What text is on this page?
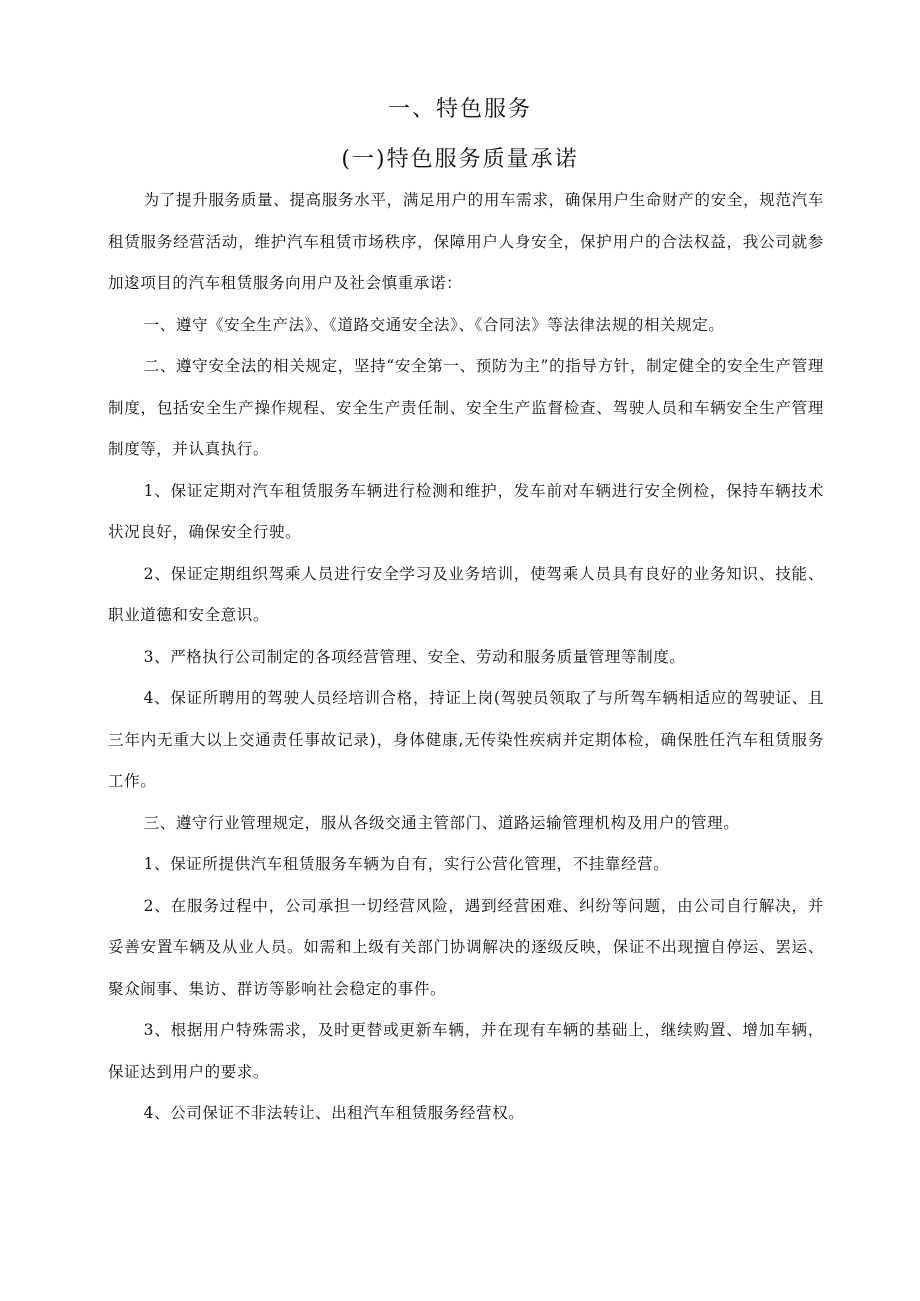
一、特色服务
(一)特色服务质量承诺

为了提升服务质量、提高服务水平，满足用户的用车需求，确保用户生命财产的安全，规范汽车租赁服务经营活动，维护汽车租赁市场秩序，保障用户人身安全，保护用户的合法权益，我公司就参加逡项目的汽车租赁服务向用户及社会慎重承诺：

一、遵守《安全生产法》、《道路交通安全法》、《合同法》等法律法规的相关规定。

二、遵守安全法的相关规定，坚持“安全第一、预防为主”的指导方针，制定健全的安全生产管理制度，包括安全生产操作规程、安全生产责任制、安全生产监督检查、驾驶人员和车辆安全生产管理制度等，并认真执行。

1、保证定期对汽车租赁服务车辆进行检测和维护，发车前对车辆进行安全例检，保持车辆技术状况良好，确保安全行驶。

2、保证定期组织驾乘人员进行安全学习及业务培训，使驾乘人员具有良好的业务知识、技能、职业道德和安全意识。

3、严格执行公司制定的各项经营管理、安全、劳动和服务质量管理等制度。

4、保证所聘用的驾驶人员经培训合格，持证上岗(驾驶员领取了与所驾车辆相适应的驾驶证、且三年内无重大以上交通责任事故记录)，身体健康,无传染性疾病并定期体检，确保胜任汽车租赁服务工作。

三、遵守行业管理规定，服从各级交通主管部门、道路运输管理机构及用户的管理。

1、保证所提供汽车租赁服务车辆为自有，实行公营化管理，不挂靠经营。

2、在服务过程中，公司承担一切经营风险，遇到经营困难、纠纷等问题，由公司自行解决，并妥善安置车辆及从业人员。如需和上级有关部门协调解决的逐级反映，保证不出现擅自停运、罢运、聚众闹事、集访、群访等影响社会稳定的事件。

3、根据用户特殊需求，及时更替或更新车辆，并在现有车辆的基础上，继续购置、增加车辆，保证达到用户的要求。

4、公司保证不非法转让、出租汽车租赁服务经营权。
